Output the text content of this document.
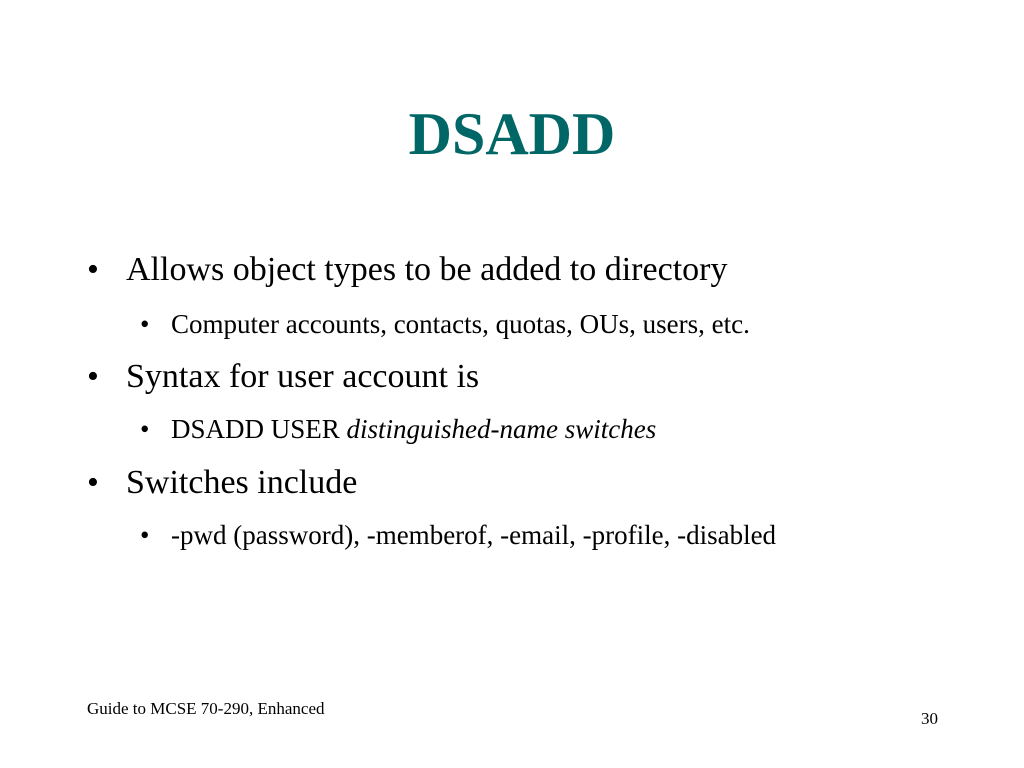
DSADD
• Allows object types to be added to directory
• Computer accounts, contacts, quotas, OUs, users, etc.
• Syntax for user account is
• DSADD USER distinguished-name switches
• Switches include
• -pwd (password), -memberof, -email, -profile, -disabled
Guide to MCSE 70-290, Enhanced
30
